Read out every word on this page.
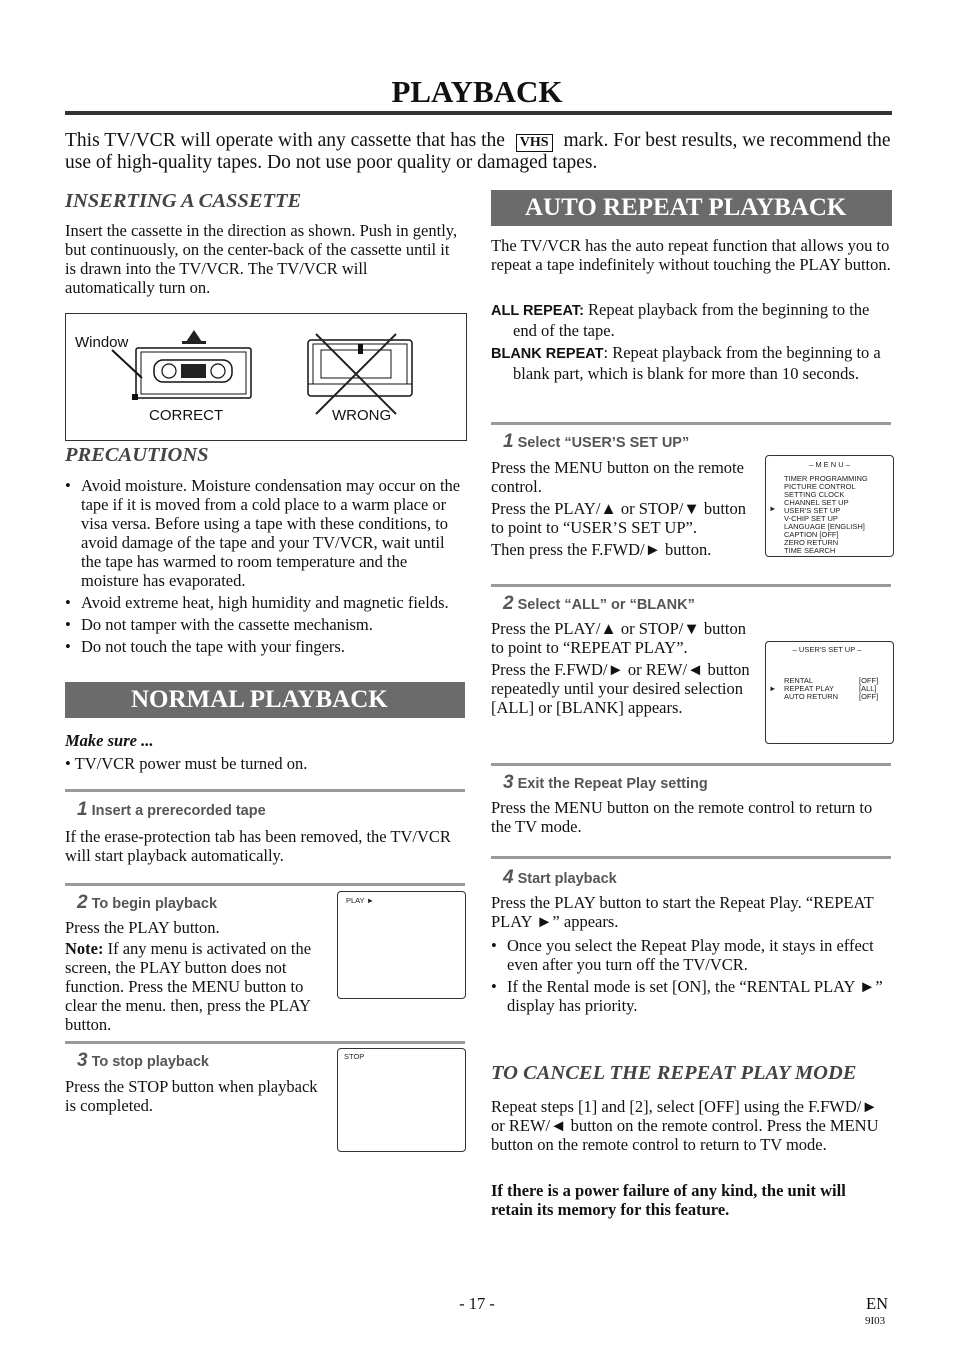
PLAYBACK
This TV/VCR will operate with any cassette that has the VHS mark. For best results, we recommend the use of high-quality tapes. Do not use poor quality or damaged tapes.
INSERTING A CASSETTE
Insert the cassette in the direction as shown. Push in gently, but continuously, on the center-back of the cassette until it is drawn into the TV/VCR. The TV/VCR will automatically turn on.
Window
CORRECT	WRONG
PRECAUTIONS
• Avoid moisture. Moisture condensation may occur on the tape if it is moved from a cold place to a warm place or visa versa. Before using a tape with these conditions, to avoid damage of the tape and your TV/VCR, wait until the tape has warmed to room temperature and the moisture has evaporated.
• Avoid extreme heat, high humidity and magnetic fields.
• Do not tamper with the cassette mechanism.
• Do not touch the tape with your fingers.
NORMAL PLAYBACK
Make sure ...
• TV/VCR power must be turned on.
1 Insert a prerecorded tape
If the erase-protection tab has been removed, the TV/VCR will start playback automatically.
2 To begin playback
Press the PLAY button.
Note: If any menu is activated on the screen, the PLAY button does not function. Press the MENU button to clear the menu. then, press the PLAY button.
PLAY ►
3 To stop playback
Press the STOP button when playback is completed.
STOP
AUTO REPEAT PLAYBACK
The TV/VCR has the auto repeat function that allows you to repeat a tape indefinitely without touching the PLAY button.
ALL REPEAT: Repeat playback from the beginning to the end of the tape.
BLANK REPEAT: Repeat playback from the beginning to a blank part, which is blank for more than 10 seconds.
1 Select “USER’S SET UP”
Press the MENU button on the remote control.
Press the PLAY/▲ or STOP/▼ button to point to “USER’S SET UP”.
Then press the F.FWD/► button.
– M E N U –
►
TIMER PROGRAMMING
PICTURE CONTROL
SETTING CLOCK
CHANNEL SET UP
USER'S SET UP
V-CHIP SET UP
LANGUAGE [ENGLISH]
CAPTION [OFF]
ZERO RETURN
TIME SEARCH
2 Select “ALL” or “BLANK”
Press the PLAY/▲ or STOP/▼ button to point to “REPEAT PLAY”.
Press the F.FWD/► or REW/◄ button repeatedly until your desired selection [ALL] or [BLANK] appears.
– USER'S SET UP –
►
RENTAL
REPEAT PLAY
AUTO RETURN
[OFF]
[ALL]
[OFF]
3 Exit the Repeat Play setting
Press the MENU button on the remote control to return to the TV mode.
4 Start playback
Press the PLAY button to start the Repeat Play. “REPEAT PLAY ►” appears.
• Once you select the Repeat Play mode, it stays in effect even after you turn off the TV/VCR.
• If the Rental mode is set [ON], the “RENTAL PLAY ►” display has priority.
TO CANCEL THE REPEAT PLAY MODE
Repeat steps [1] and [2], select [OFF] using the F.FWD/► or REW/◄ button on the remote control. Press the MENU button on the remote control to return to TV mode.
If there is a power failure of any kind, the unit will retain its memory for this feature.
- 17 -	EN
9I03
